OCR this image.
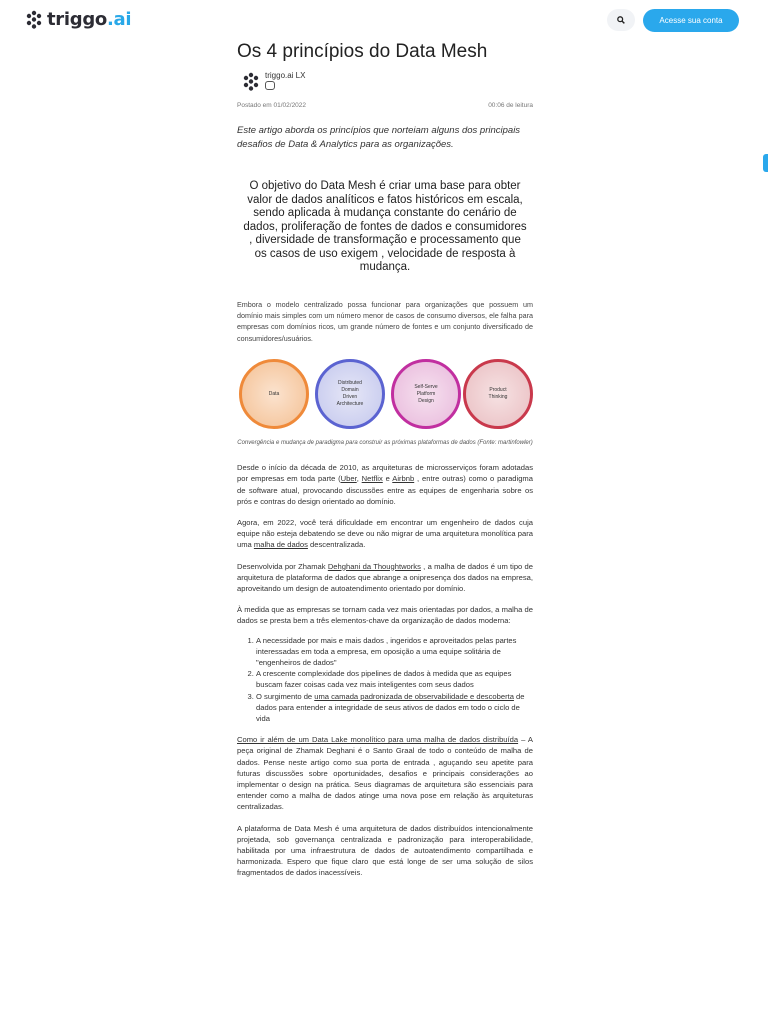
triggo.ai	Acesse sua conta
Os 4 princípios do Data Mesh
triggo.ai LX
Postado em 01/02/2022	00:06 de leitura

Este artigo aborda os princípios que norteiam alguns dos principais desafios de Data & Analytics para as organizações.

O objetivo do Data Mesh é criar uma base para obter valor de dados analíticos e fatos históricos em escala, sendo aplicada à mudança constante do cenário de dados, proliferação de fontes de dados e consumidores , diversidade de transformação e processamento que os casos de uso exigem , velocidade de resposta à mudança.

Embora o modelo centralizado possa funcionar para organizações que possuem um domínio mais simples com um número menor de casos de consumo diversos, ele falha para empresas com domínios ricos, um grande número de fontes e um conjunto diversificado de consumidores/usuários.

Data
Distributed Domain Driven Architecture
Self-Serve Platform Design
Product Thinking

Convergência e mudança de paradigma para construir as próximas plataformas de dados (Fonte: martinfowler)

Desde o início da década de 2010, as arquiteturas de microsserviços foram adotadas por empresas em toda parte (Uber, Netflix e Airbnb , entre outras) como o paradigma de software atual, provocando discussões entre as equipes de engenharia sobre os prós e contras do design orientado ao domínio.

Agora, em 2022, você terá dificuldade em encontrar um engenheiro de dados cuja equipe não esteja debatendo se deve ou não migrar de uma arquitetura monolítica para uma malha de dados descentralizada.

Desenvolvida por Zhamak Dehghani da Thoughtworks , a malha de dados é um tipo de arquitetura de plataforma de dados que abrange a onipresença dos dados na empresa, aproveitando um design de autoatendimento orientado por domínio.

À medida que as empresas se tornam cada vez mais orientadas por dados, a malha de dados se presta bem a três elementos-chave da organização de dados moderna:

1. A necessidade por mais e mais dados , ingeridos e aproveitados pelas partes interessadas em toda a empresa, em oposição a uma equipe solitária de "engenheiros de dados"
2. A crescente complexidade dos pipelines de dados à medida que as equipes buscam fazer coisas cada vez mais inteligentes com seus dados
3. O surgimento de uma camada padronizada de observabilidade e descoberta de dados para entender a integridade de seus ativos de dados em todo o ciclo de vida

Como ir além de um Data Lake monolítico para uma malha de dados distribuída – A peça original de Zhamak Deghani é o Santo Graal de todo o conteúdo de malha de dados. Pense neste artigo como sua porta de entrada , aguçando seu apetite para futuras discussões sobre oportunidades, desafios e principais considerações ao implementar o design na prática. Seus diagramas de arquitetura são essenciais para entender como a malha de dados atinge uma nova pose em relação às arquiteturas centralizadas.

A plataforma de Data Mesh é uma arquitetura de dados distribuídos intencionalmente projetada, sob governança centralizada e padronização para interoperabilidade, habilitada por uma infraestrutura de dados de autoatendimento compartilhada e harmonizada. Espero que fique claro que está longe de ser uma solução de silos fragmentados de dados inacessíveis.
